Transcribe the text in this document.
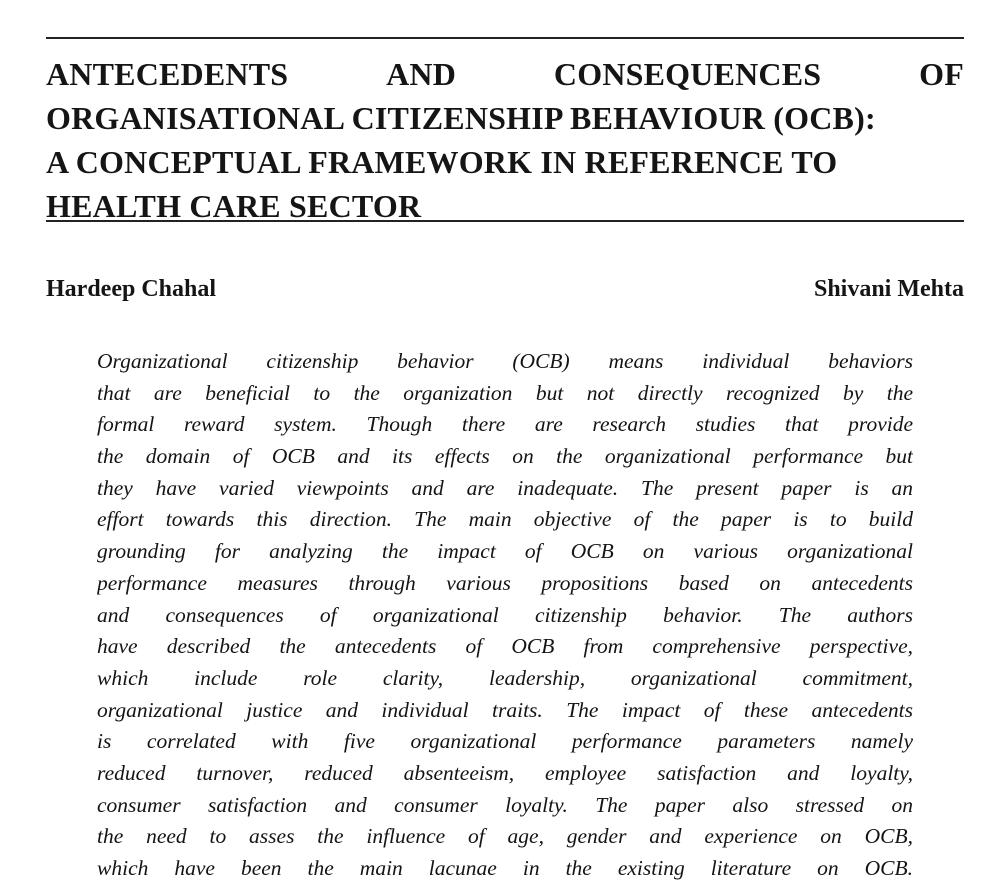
ANTECEDENTS	AND	CONSEQUENCES	OF
ORGANISATIONAL CITIZENSHIP BEHAVIOUR (OCB):
A CONCEPTUAL FRAMEWORK IN REFERENCE TO
HEALTH CARE SECTOR
Hardeep Chahal	Shivani Mehta
Organizational citizenship behavior (OCB) means individual behaviors
that are beneficial to the organization but not directly recognized by the
formal reward system. Though there are research studies that provide
the domain of OCB and its effects on the organizational performance but
they have varied viewpoints and are inadequate. The present paper is an
effort towards this direction. The main objective of the paper is to build
grounding for analyzing the impact of OCB on various organizational
performance measures through various propositions based on antecedents
and consequences of organizational citizenship behavior. The authors
have described the antecedents of OCB from comprehensive perspective,
which include role clarity, leadership, organizational commitment,
organizational justice and individual traits. The impact of these antecedents
is correlated with five organizational performance parameters namely
reduced turnover, reduced absenteeism, employee satisfaction and loyalty,
consumer satisfaction and consumer loyalty. The paper also stressed on
the need to asses the influence of age, gender and experience on OCB,
which have been the main lacunae in the existing literature on OCB.
